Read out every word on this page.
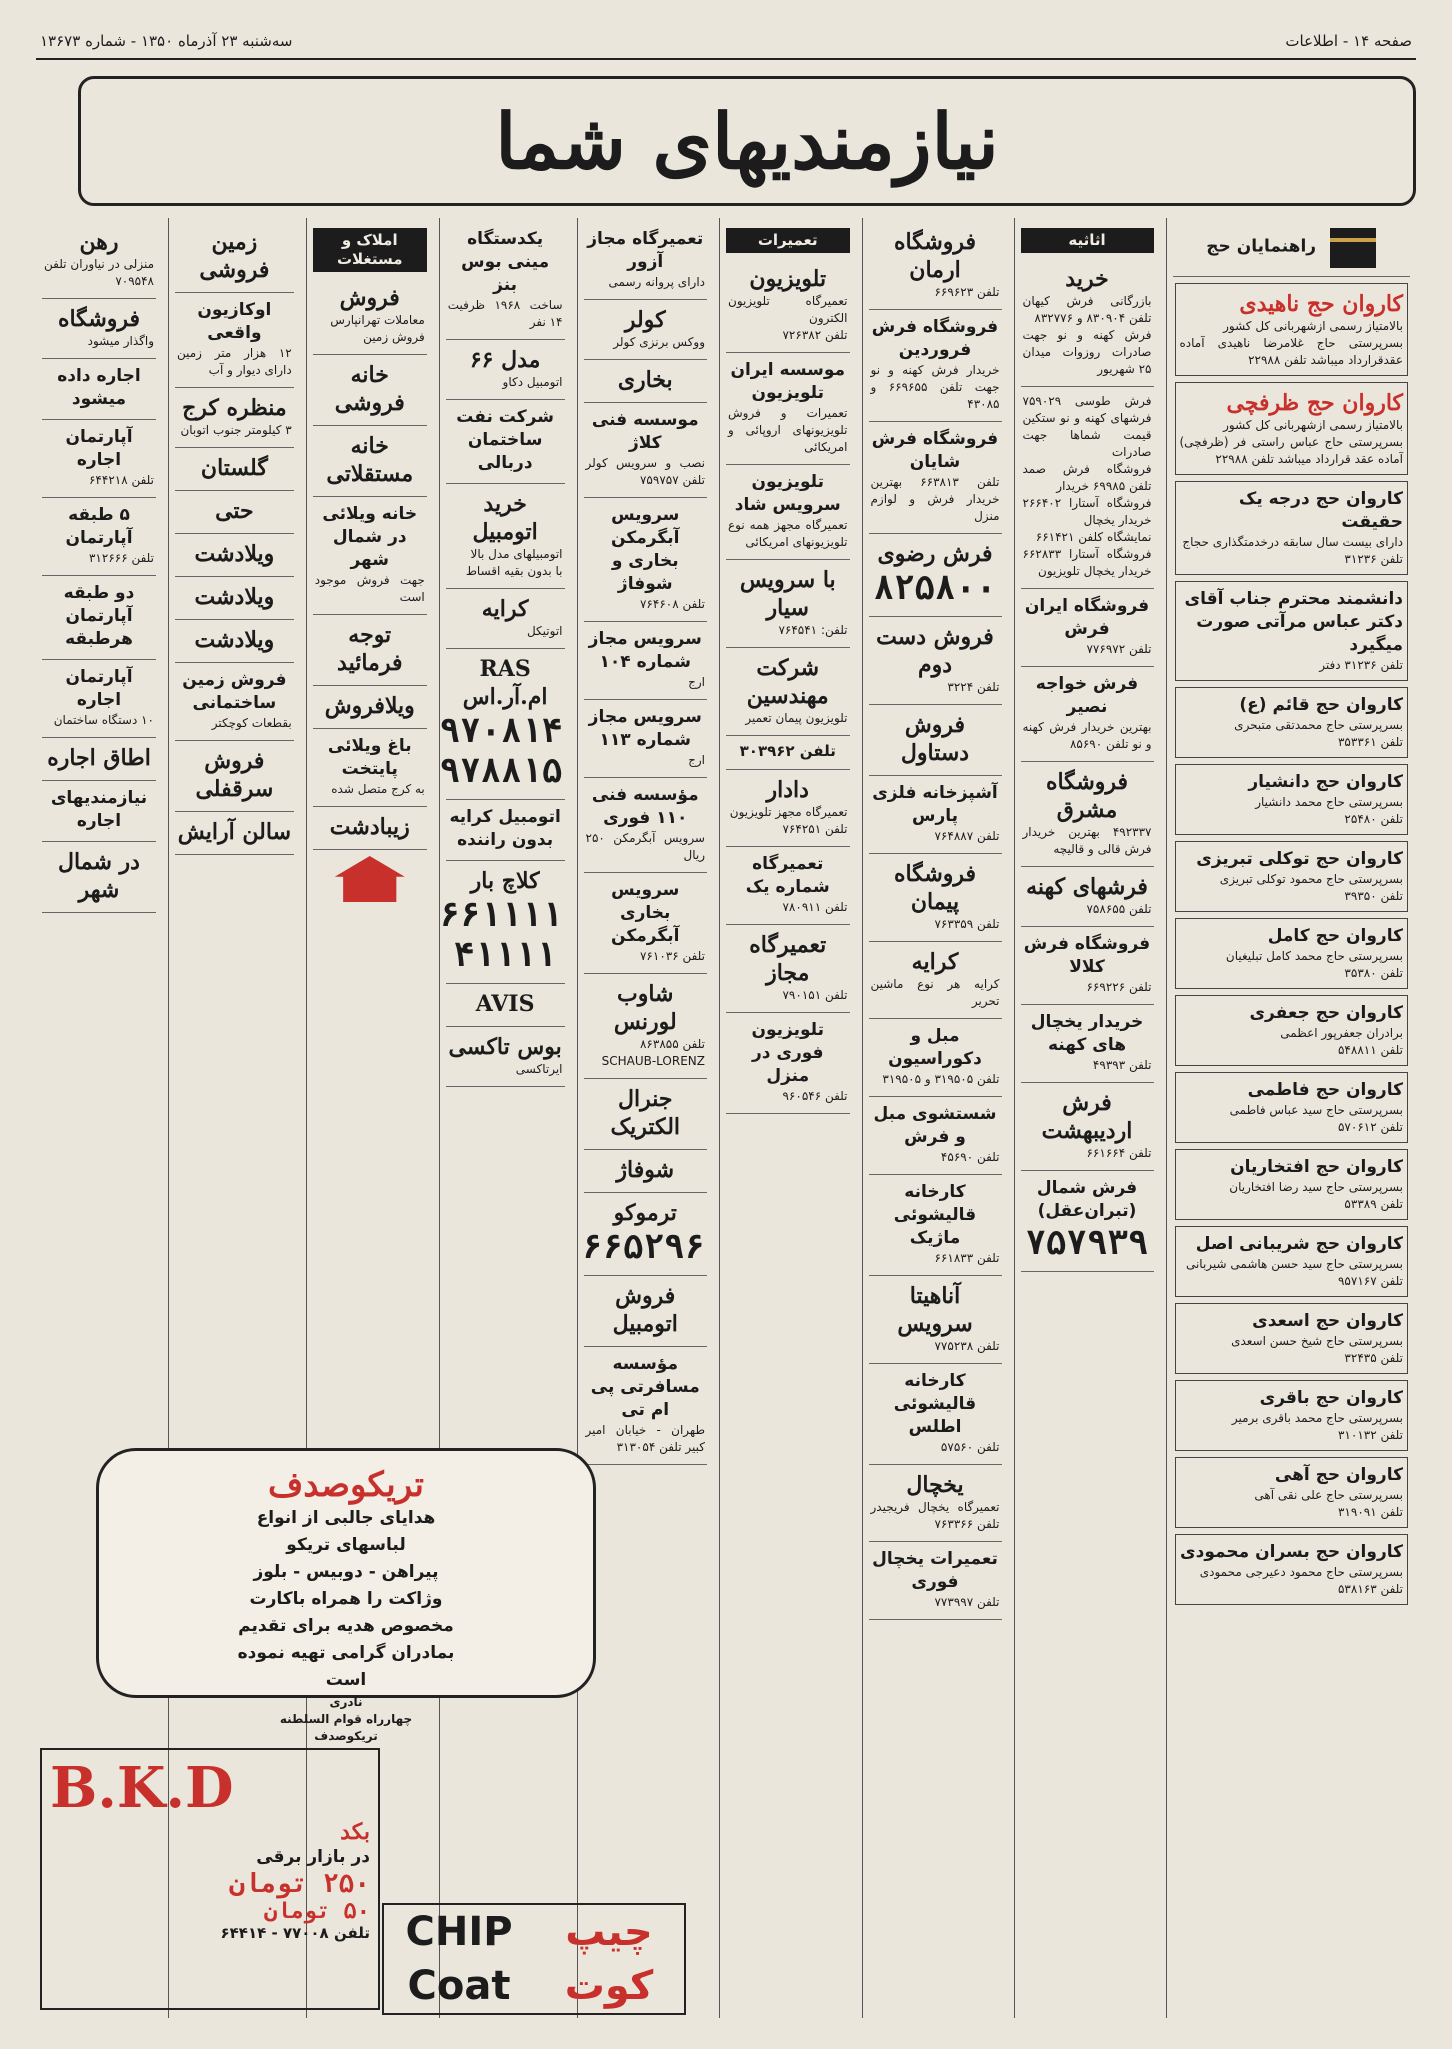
صفحه ۱۴ - اطلاعات
سه‌شنبه ۲۳ آذرماه ۱۳۵۰ - شماره ۱۳۶۷۳
نیازمندیهای شما
راهنمایان حج
کاروان حج ناهیدی
بالامتیاز رسمی ازشهربانی کل کشور
بسرپرستی حاج غلامرضا ناهیدی آماده عقدقرارداد میباشد تلفن ۲۲۹۸۸
کاروان حج ظرفچی
بالامتیاز رسمی ازشهربانی کل کشور
بسرپرستی حاج عباس راستی فر (ظرفچی) آماده عقد قرارداد میباشد تلفن ۲۲۹۸۸
کاروان حج درجه یک حقیقت
دارای بیست سال سابقه درخدمتگذاری حجاج
تلفن ۳۱۲۳۶
دانشمند محترم جناب آقای دکتر عباس مرآتی صورت میگیرد
تلفن ۳۱۲۳۶ دفتر
کاروان حج قائم (ع)
بسرپرستی حاج محمدتقی متبحری
تلفن ۳۵۳۳۶۱
کاروان حج دانشیار
بسرپرستی حاج محمد دانشیار
تلفن ۲۵۴۸۰
کاروان حج توکلی تبریزی
بسرپرستی حاج محمود توکلی تبریزی
تلفن ۳۹۳۵۰
کاروان حج کامل
بسرپرستی حاج محمد کامل تبلیغیان
تلفن ۳۵۳۸۰
کاروان حج جعفری
برادران جعفرپور اعظمی
تلفن ۵۴۸۸۱۱
کاروان حج فاطمی
بسرپرستی حاج سید عباس فاطمی
تلفن ۵۷۰۶۱۲
کاروان حج افتخاریان
بسرپرستی حاج سید رضا افتخاریان
تلفن ۵۳۳۸۹
کاروان حج شریبانی اصل
بسرپرستی حاج سید حسن هاشمی شیربانی
تلفن ۹۵۷۱۶۷
کاروان حج اسعدی
بسرپرستی حاج شیخ حسن اسعدی
تلفن ۳۲۴۳۵
کاروان حج باقری
بسرپرستی حاج محمد باقری برمیر
تلفن ۳۱۰۱۳۲
کاروان حج آهی
بسرپرستی حاج علی نقی آهی
تلفن ۳۱۹۰۹۱
کاروان حج بسران محمودی
بسرپرستی حاج محمود دعیرجی محمودی
تلفن ۵۳۸۱۶۳
اثاثیه
خرید
بازرگانی فرش کیهان تلفن ۸۳۰۹۰۴ و ۸۳۲۷۷۶
فرش کهنه و نو جهت صادرات روزوات میدان ۲۵ شهریور
فرش طوسی ۷۵۹۰۲۹ فرشهای کهنه و نو ستکین قیمت شماها جهت صادرات
فروشگاه فرش صمد تلفن ۶۹۹۸۵ خریدار
فروشگاه آستارا ۲۶۶۴۰۲ خریدار یخچال
نمایشگاه کلفن ۶۶۱۴۲۱
فروشگاه آستارا ۶۶۲۸۳۳ خریدار یخچال تلویزیون
فروشگاه ایران فرش
تلفن ۷۷۶۹۷۲
فرش خواجه نصیر
بهترین خریدار فرش کهنه و نو تلفن ۸۵۶۹۰
فروشگاه مشرق
۴۹۲۳۳۷ بهترین خریدار فرش قالی و قالیچه
فرشهای کهنه
تلفن ۷۵۸۶۵۵
فروشگاه فرش کلالا
تلفن ۶۶۹۲۲۶
خریدار یخچال های کهنه
تلفن ۴۹۳۹۳
فرش اردیبهشت
تلفن ۶۶۱۶۶۴
فرش شمال (تبران‌عقل)
۷۵۷۹۳۹
فروشگاه ارمان
تلفن ۶۶۹۶۲۳
فروشگاه فرش فروردین
خریدار فرش کهنه و نو جهت تلفن ۶۶۹۶۵۵ و ۴۳۰۸۵
فروشگاه فرش شایان
تلفن ۶۶۳۸۱۳ بهترین خریدار فرش و لوازم منزل
فرش رضوی
۸۲۵۸۰۰
فروش دست دوم
تلفن ۳۲۲۴
فروش دستاول
آشپزخانه فلزی پارس
تلفن ۷۶۴۸۸۷
فروشگاه پیمان
تلفن ۷۶۳۳۵۹
کرایه
کرایه هر نوع ماشین تحریر
مبل و دکوراسیون
تلفن ۳۱۹۵۰۵ و ۳۱۹۵۰۵
شستشوی مبل و فرش
تلفن ۴۵۶۹۰
کارخانه قالیشوئی ماژیک
تلفن ۶۶۱۸۳۳
آناهیتا سرویس
تلفن ۷۷۵۲۳۸
کارخانه قالیشوئی اطلس
تلفن ۵۷۵۶۰
یخچال
تعمیرگاه یخچال فریجیدر تلفن ۷۶۳۳۶۶
تعمیرات یخچال فوری
تلفن ۷۷۳۹۹۷
تعمیرات
تلویزیون
تعمیرگاه تلویزیون الکترون
تلفن ۷۲۶۳۸۲
موسسه ایران تلویزیون
تعمیرات و فروش تلویزیونهای اروپائی و امریکائی
تلویزیون سرویس شاد
تعمیرگاه مجهز همه نوع تلویزیونهای امریکائی
با سرویس سیار
تلفن: ۷۶۴۵۴۱
شرکت مهندسین
تلویزیون پیمان تعمیر
تلفن ۳۰۳۹۶۲
دادار
تعمیرگاه مجهز تلویزیون
تلفن ۷۶۴۲۵۱
تعمیرگاه شماره یک
تلفن ۷۸۰۹۱۱
تعمیرگاه مجاز
تلفن ۷۹۰۱۵۱
تلویزیون فوری در منزل
تلفن ۹۶۰۵۴۶
تعمیرگاه مجاز آزور
دارای پروانه رسمی
کولر
ووکس برنزی کولر
بخاری
موسسه فنی کلاژ
نصب و سرویس کولر تلفن ۷۵۹۷۵۷
سرویس آبگرمکن بخاری و شوفاژ
تلفن ۷۶۴۶۰۸
سرویس مجاز شماره ۱۰۴
ارج
سرویس مجاز شماره ۱۱۳
ارج
مؤسسه فنی ۱۱۰ فوری
سرویس آبگرمکن ۲۵۰ ریال
سرویس بخاری آبگرمکن
تلفن ۷۶۱۰۳۶
شاوب لورنس
تلفن ۸۶۳۸۵۵
SCHAUB-LORENZ
جنرال الکتریک
شوفاژ
ترموکو
۶۶۵۲۹۶
فروش اتومبیل
مؤسسه مسافرتی پی ام تی
طهران - خیابان امیر کبیر تلفن ۳۱۳۰۵۴
یکدستگاه مینی بوس بنز
ساخت ۱۹۶۸ ظرفیت ۱۴ نفر
مدل ۶۶
اتومبیل دکاو
شرکت نفت ساختمان دربالی
خرید اتومبیل
اتومبیلهای مدل بالا
با بدون بقیه اقساط
کرایه
اتوتیکل
RAS ام.آر.اس
۹۷۰۸۱۴
۹۷۸۸۱۵
اتومبیل کرایه بدون راننده
کلاچ بار
۶۶۱۱۱۱
۴۱۱۱۱
AVIS
بوس تاکسی
ایرتاکسی
املاک و مستغلات
فروش
معاملات تهرانپارس
فروش زمین
خانه فروشی
خانه مستقلاتی
خانه ویلائی در شمال شهر
جهت فروش موجود است
توجه فرمائید
ویلافروش
باغ ویلائی پایتخت
به کرج متصل شده
زیبادشت
زمین فروشی
اوکازیون واقعی
۱۲ هزار متر زمین دارای دیوار و آب
منظره کرج
۳ کیلومتر جنوب اتوبان
گلستان
حتی
ویلادشت
ویلادشت
ویلادشت
فروش زمین ساختمانی
بقطعات کوچکتر
فروش سرقفلی
سالن آرایش
رهن
منزلی در نیاوران تلفن ۷۰۹۵۴۸
فروشگاه
واگذار میشود
اجاره داده میشود
آپارتمان اجاره
تلفن ۶۴۴۲۱۸
۵ طبقه آپارتمان
تلفن ۳۱۲۶۶۶
دو طبقه آپارتمان هرطبقه
آپارتمان اجاره
۱۰ دستگاه ساختمان
اطاق اجاره
نیازمندیهای اجاره
در شمال شهر
تریکوصدف
هدایای جالبی از انواع
لباسهای تریکو
پیراهن - دوبیس - بلوز
وژاکت را همراه باکارت
مخصوص هدیه برای تقدیم
بمادران گرامی تهیه نموده
است
نادری
چهارراه قوام السلطنه
تریکوصدف
B.K.D
بکد
در بازار برقی
۲۵۰ تومان
۵۰ تومان
تلفن ۷۷۰۰۸ - ۶۴۴۱۴	چیپ
CHIP
کوت
Coat
